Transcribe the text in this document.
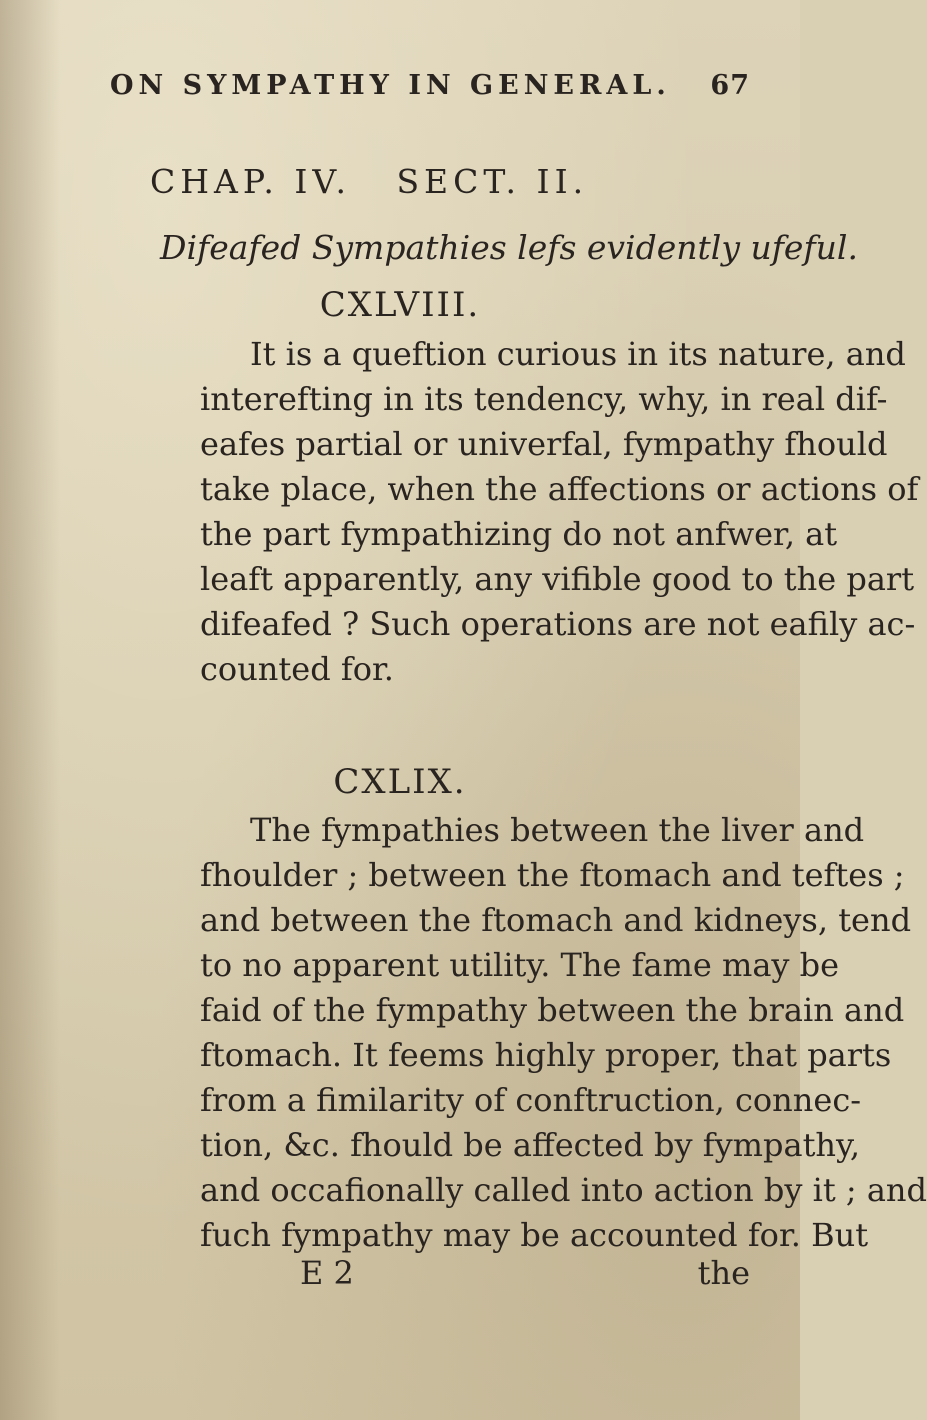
ON SYMPATHY IN GENERAL. 67
CHAP. IV. SECT. II.
Difeafed Sympathies lefs evidently ufeful.
CXLVIII.
It is a queftion curious in its nature, and
interefting in its tendency, why, in real dif-
eafes partial or univerfal, fympathy fhould
take place, when the affections or actions of
the part fympathizing do not anfwer, at
leaft apparently, any vifible good to the part
difeafed ? Such operations are not eafily ac-
counted for.
CXLIX.
The fympathies between the liver and
fhoulder ; between the ftomach and teftes ;
and between the ftomach and kidneys, tend
to no apparent utility. The fame may be
faid of the fympathy between the brain and
ftomach. It feems highly proper, that parts
from a fimilarity of conftruction, connec-
tion, &c. fhould be affected by fympathy,
and occafionally called into action by it ; and
fuch fympathy may be accounted for. But
E 2	the
